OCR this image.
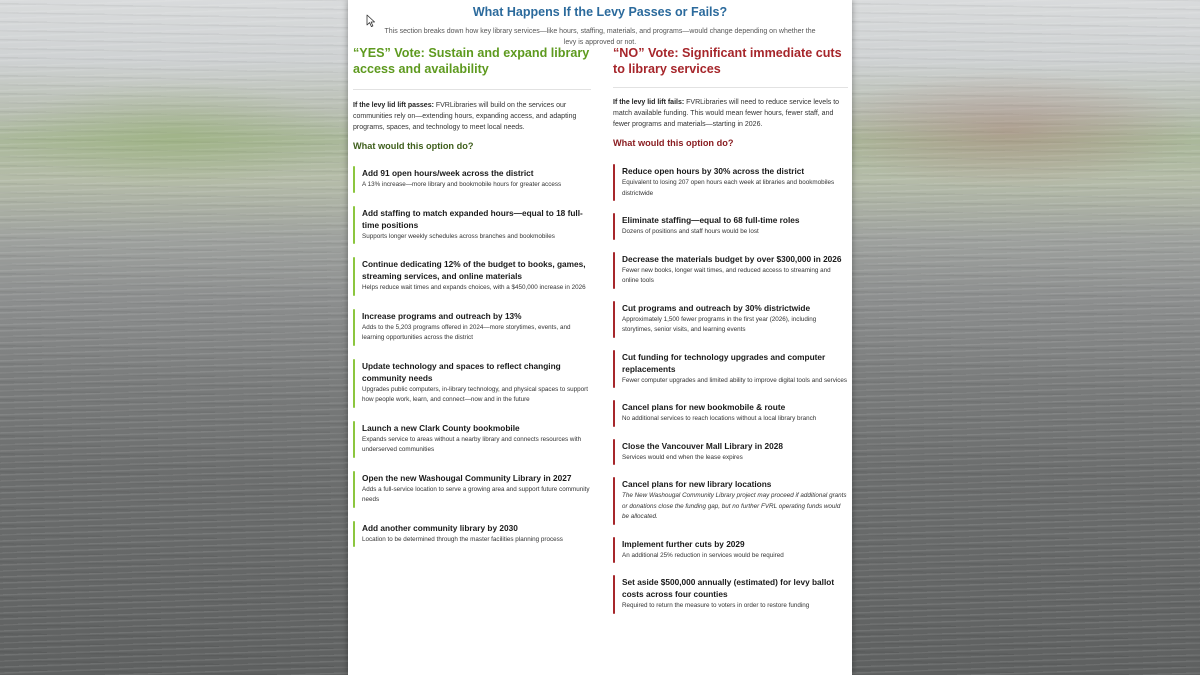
What Happens If the Levy Passes or Fails?
This section breaks down how key library services—like hours, staffing, materials, and programs—would change depending on whether the levy is approved or not.
“YES” Vote: Sustain and expand library access and availability
If the levy lid lift passes: FVRLibraries will build on the services our communities rely on—extending hours, expanding access, and adapting programs, spaces, and technology to meet local needs.
What would this option do?
Add 91 open hours/week across the district
A 13% increase—more library and bookmobile hours for greater access
Add staffing to match expanded hours—equal to 18 full-time positions
Supports longer weekly schedules across branches and bookmobiles
Continue dedicating 12% of the budget to books, games, streaming services, and online materials
Helps reduce wait times and expands choices, with a $450,000 increase in 2026
Increase programs and outreach by 13%
Adds to the 5,203 programs offered in 2024—more storytimes, events, and learning opportunities across the district
Update technology and spaces to reflect changing community needs
Upgrades public computers, in-library technology, and physical spaces to support how people work, learn, and connect—now and in the future
Launch a new Clark County bookmobile
Expands service to areas without a nearby library and connects resources with underserved communities
Open the new Washougal Community Library in 2027
Adds a full-service location to serve a growing area and support future community needs
Add another community library by 2030
Location to be determined through the master facilities planning process
“NO” Vote: Significant immediate cuts to library services
If the levy lid lift fails: FVRLibraries will need to reduce service levels to match available funding. This would mean fewer hours, fewer staff, and fewer programs and materials—starting in 2026.
What would this option do?
Reduce open hours by 30% across the district
Equivalent to losing 207 open hours each week at libraries and bookmobiles districtwide
Eliminate staffing—equal to 68 full-time roles
Dozens of positions and staff hours would be lost
Decrease the materials budget by over $300,000 in 2026
Fewer new books, longer wait times, and reduced access to streaming and online tools
Cut programs and outreach by 30% districtwide
Approximately 1,500 fewer programs in the first year (2026), including storytimes, senior visits, and learning events
Cut funding for technology upgrades and computer replacements
Fewer computer upgrades and limited ability to improve digital tools and services
Cancel plans for new bookmobile & route
No additional services to reach locations without a local library branch
Close the Vancouver Mall Library in 2028
Services would end when the lease expires
Cancel plans for new library locations
The New Washougal Community Library project may proceed if additional grants or donations close the funding gap, but no further FVRL operating funds would be allocated.
Implement further cuts by 2029
An additional 25% reduction in services would be required
Set aside $500,000 annually (estimated) for levy ballot costs across four counties
Required to return the measure to voters in order to restore funding
